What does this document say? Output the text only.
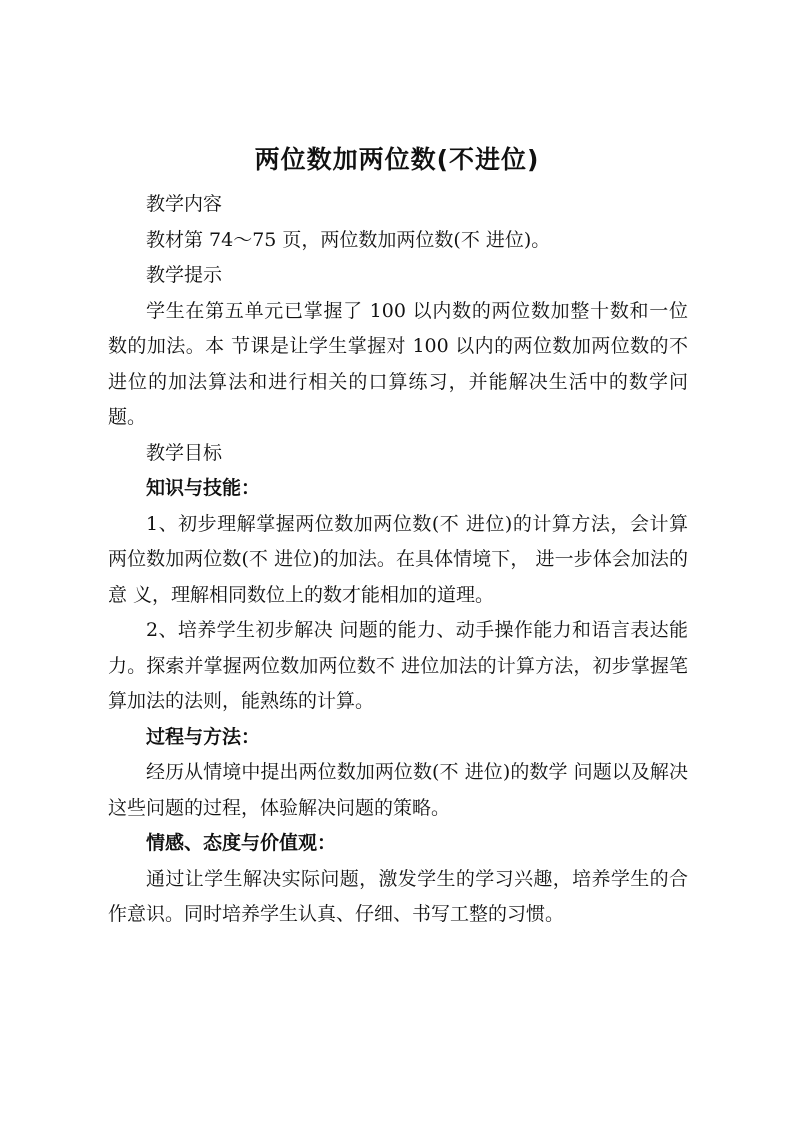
两位数加两位数(不进位)

教学内容

教材第 74～75 页，两位数加两位数(不 进位)。

教学提示

学生在第五单元已掌握了 100 以内数的两位数加整十数和一位数的加法。本 节课是让学生掌握对 100 以内的两位数加两位数的不进位的加法算法和进行相关的口算练习，并能解决生活中的数学问题。

教学目标

知识与技能：

1、初步理解掌握两位数加两位数(不 进位)的计算方法，会计算两位数加两位数(不 进位)的加法。在具体情境下， 进一步体会加法的意 义，理解相同数位上的数才能相加的道理。

2、培养学生初步解决 问题的能力、动手操作能力和语言表达能力。探索并掌握两位数加两位数不 进位加法的计算方法，初步掌握笔算加法的法则，能熟练的计算。

过程与方法：

经历从情境中提出两位数加两位数(不 进位)的数学 问题以及解决这些问题的过程，体验解决问题的策略。

情感、态度与价值观：

通过让学生解决实际问题，激发学生的学习兴趣，培养学生的合作意识。同时培养学生认真、仔细、书写工整的习惯。
